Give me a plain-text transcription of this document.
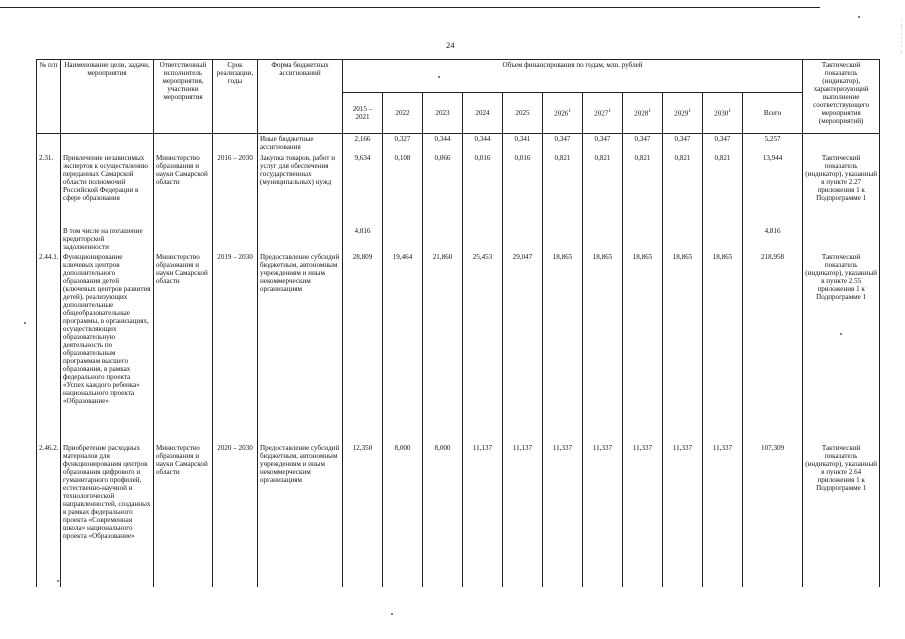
24
№ п/п	Наименование цели, задачи, мероприятия	Ответственный исполнитель мероприятия, участники мероприятия	Срок реализации, годы	Форма бюджетных ассигнований	Объем финансирования по годам, млн. рублей											Тактический показатель (индикатор), характеризующий выполнение соответствующего мероприятия (мероприятий)
					2015 – 2021	2022	2023	2024	2025	2026$^1$	2027$^1$	2028$^1$	2029$^1$	2030$^1$	Всего	
				Иные бюджетные ассигнования	2,166	0,327	0,344	0,344	0,341	0,347	0,347	0,347	0,347	0,347	5,257	
2.31.	Привлечение независимых экспертов к осуществлению переданных Самарской области полномочий Российской Федерации в сфере образования	Министерство образования и науки Самарской области	2016 – 2030	Закупка товаров, работ и услуг для обеспечения государственных (муниципальных) нужд	9,634	0,108	0,066	0,016	0,016	0,821	0,821	0,821	0,821	0,821	13,944	Тактический показатель (индикатор), указанный в пункте 2.27 приложения 1 к Подпрограмме 1
	В том числе на погашение кредиторской задолженности				4,816										4,816	
2.44.1.	Функционирование ключевых центров дополнительного образования детей (ключевых центров развития детей), реализующих дополнительные общеобразовательные программы, в организациях, осуществляющих образовательную деятельность по образовательным программам высшего образования, в рамках федерального проекта «Успех каждого ребенка» национального проекта «Образование»	Министерство образования и науки Самарской области	2019 – 2030	Предоставление субсидий бюджетным, автономным учреждениям и иным некоммерческим организациям	28,809	19,464	21,860	25,453	29,047	18,865	18,865	18,865	18,865	18,865	218,958	Тактический показатель (индикатор), указанный в пункте 2.55 приложения 1 к Подпрограмме 1
2.46.2.	Приобретение расходных материалов для функционирования центров образования цифрового и гуманитарного профилей, естественно-научной и технологической направленностей, созданных в рамках федерального проекта «Современная школа» национального проекта «Образование»	Министерство образования и науки Самарской области	2020 – 2030	Предоставление субсидий бюджетным, автономным учреждениям и иным некоммерческим организациям	12,350	8,000	8,000	11,137	11,137	11,337	11,337	11,337	11,337	11,337	107,309	Тактический показатель (индикатор), указанный в пункте 2.64 приложения 1 к Подпрограмме 1
¦
:
·
¦
·
:
